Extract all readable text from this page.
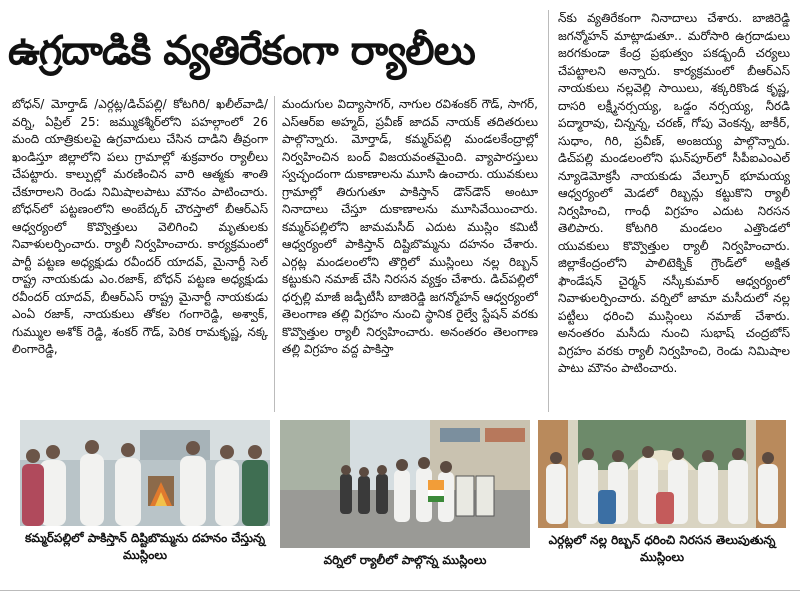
ఉగ్రదాడికి వ్యతిరేకంగా ర్యాలీలు
బోధన్/ మోర్తాడ్ /ఎర్గట్ల/డిచ్‌పల్లి/ కోటగిరి/ ఖలీల్‌వాడి/ వర్ని, ఏప్రిల్ 25: జమ్ముకశ్మీర్‌లోని పహల్గాంలో 26 మంది యాత్రికులపై ఉగ్రవాదులు చేసిన దాడిని తీవ్రంగా ఖండిస్తూ జిల్లాలోని పలు గ్రామాల్లో శుక్రవారం ర్యాలీలు చేపట్టారు. కాల్పుల్లో మరణించిన వారి ఆత్మకు శాంతి చేకూరాలని రెండు నిమిషాలపాటు మౌనం పాటించారు. బోధన్‌లో పట్టణంలోని అంబేద్కర్ చౌరస్తాలో బీఆర్ఎస్ ఆధ్వర్యంలో కొవ్వొత్తులు వెలిగించి మృతులకు నివాళులర్పించారు. ర్యాలీ నిర్వహించారు. కార్యక్రమంలో పార్టీ పట్టణ అధ్యక్షుడు రవీందర్ యాదవ్, మైనార్టీ సెల్ రాష్ట్ర నాయకుడు ఎం.రజాక్, బోధన్ పట్టణ అధ్యక్షుడు రవీందర్ యాదవ్, బీఆర్ఎస్ రాష్ట్ర మైనార్టీ నాయకుడు ఎంఏ రజాక్, నాయకులు తోకల గంగారెడ్డి, అశ్వాక్, గుమ్ముల అశోక్ రెడ్డి, శంకర్ గౌడ్, పెరిక రామకృష్ణ, నక్క లింగారెడ్డి,
మందుగుల విద్యాసాగర్, నాగుల రవిశంకర్ గౌడ్, సాగర్, ఎస్ఆర్ఐ అహ్మద్, ప్రవీణ్ జాదవ్ నాయక్ తదితరులు పాల్గొన్నారు. మోర్తాడ్, కమ్మర్‌పల్లి మండలకేంద్రాల్లో నిర్వహించిన బంద్ విజయవంతమైంది. వ్యాపారస్తులు స్వచ్ఛందంగా దుకాణాలను మూసి ఉంచారు. యువకులు గ్రామాల్లో తిరుగుతూ పాకిస్తాన్ డౌన్‌డౌన్ అంటూ నినాదాలు చేస్తూ దుకాణాలను మూసివేయించారు. కమ్మర్‌పల్లిలోని జామమసీద్ ఎదుట ముస్లిం కమిటీ ఆధ్వర్యంలో పాకిస్తాన్ దిష్టిబొమ్మను దహనం చేశారు. ఎర్గట్ల మండలంలోని తొర్లిలో ముస్లింలు నల్ల రిబ్బన్ కట్టుకుని నమాజ్ చేసి నిరసన వ్యక్తం చేశారు. డిచ్‌పల్లిలో ధర్పల్లి మాజీ జడ్పీటీసీ బాజిరెడ్డి జగన్మోహన్ ఆధ్వర్యంలో తెలంగాణ తల్లి విగ్రహం నుంచి స్థానిక రైల్వే స్టేషన్ వరకు కొవ్వొత్తుల ర్యాలీ నిర్వహించారు. అనంతరం తెలంగాణ తల్లి విగ్రహం వద్ద పాకిస్తా
న్‌కు వ్యతిరేకంగా నినాదాలు చేశారు. బాజిరెడ్డి జగన్మోహన్ మాట్లాడుతూ.. మరోసారి ఉగ్రదాడులు జరగకుండా కేంద్ర ప్రభుత్వం పకడ్బందీ చర్యలు చేపట్టాలని అన్నారు. కార్యక్రమంలో బీఆర్ఎస్ నాయకులు నల్లవెల్లి సాయిలు, శక్కరికొండ కృష్ణ, దాసరి లక్ష్మీనర్సయ్య, ఒడ్డం నర్సయ్య, నీరడి పద్మారావు, చిన్నన్న, చరణ్, గోపు వెంకన్న, జాకీర్, సుధాం, గిరి, ప్రవీణ్, అంజయ్య పాల్గొన్నారు. డిచ్‌పల్లి మండలంలోని ఘన్‌పూర్‌లో సీపీఐఎంఎల్ న్యూడెమోక్రసీ నాయకుడు వేల్పూర్ భూమయ్య ఆధ్వర్యంలో మెడలో రిబ్బన్లు కట్టుకొని ర్యాలీ నిర్వహించి, గాంధీ విగ్రహం ఎదుట నిరసన తెలిపారు. కోటగిరి మండలం ఎత్తొండలో యువకులు కొవ్వొత్తుల ర్యాలీ నిర్వహించారు. జిల్లాకేంద్రంలోని పాలిటెక్నిక్ గ్రౌండ్‌లో అక్షిత ఫౌండేషన్ చైర్మన్ నస్కీకుమార్ ఆధ్వర్యంలో నివాళులర్పించారు. వర్నిలో జామా మసీదులో నల్ల పట్టీలు ధరించి ముస్లింలు నమాజ్ చేశారు. అనంతరం మసీదు నుంచి సుభాష్ చంద్రబోస్ విగ్రహం వరకు ర్యాలీ నిర్వహించి, రెండు నిమిషాల పాటు మౌనం పాటించారు.
కమ్మర్‌పల్లిలో పాకిస్తాన్ దిష్టిబొమ్మను దహనం చేస్తున్న ముస్లింలు	వర్నిలో ర్యాలీలో పాల్గొన్న ముస్లింలు
ఎర్గట్లలో నల్ల రిబ్బన్ ధరించి నిరసన తెలుపుతున్న ముస్లింలు
